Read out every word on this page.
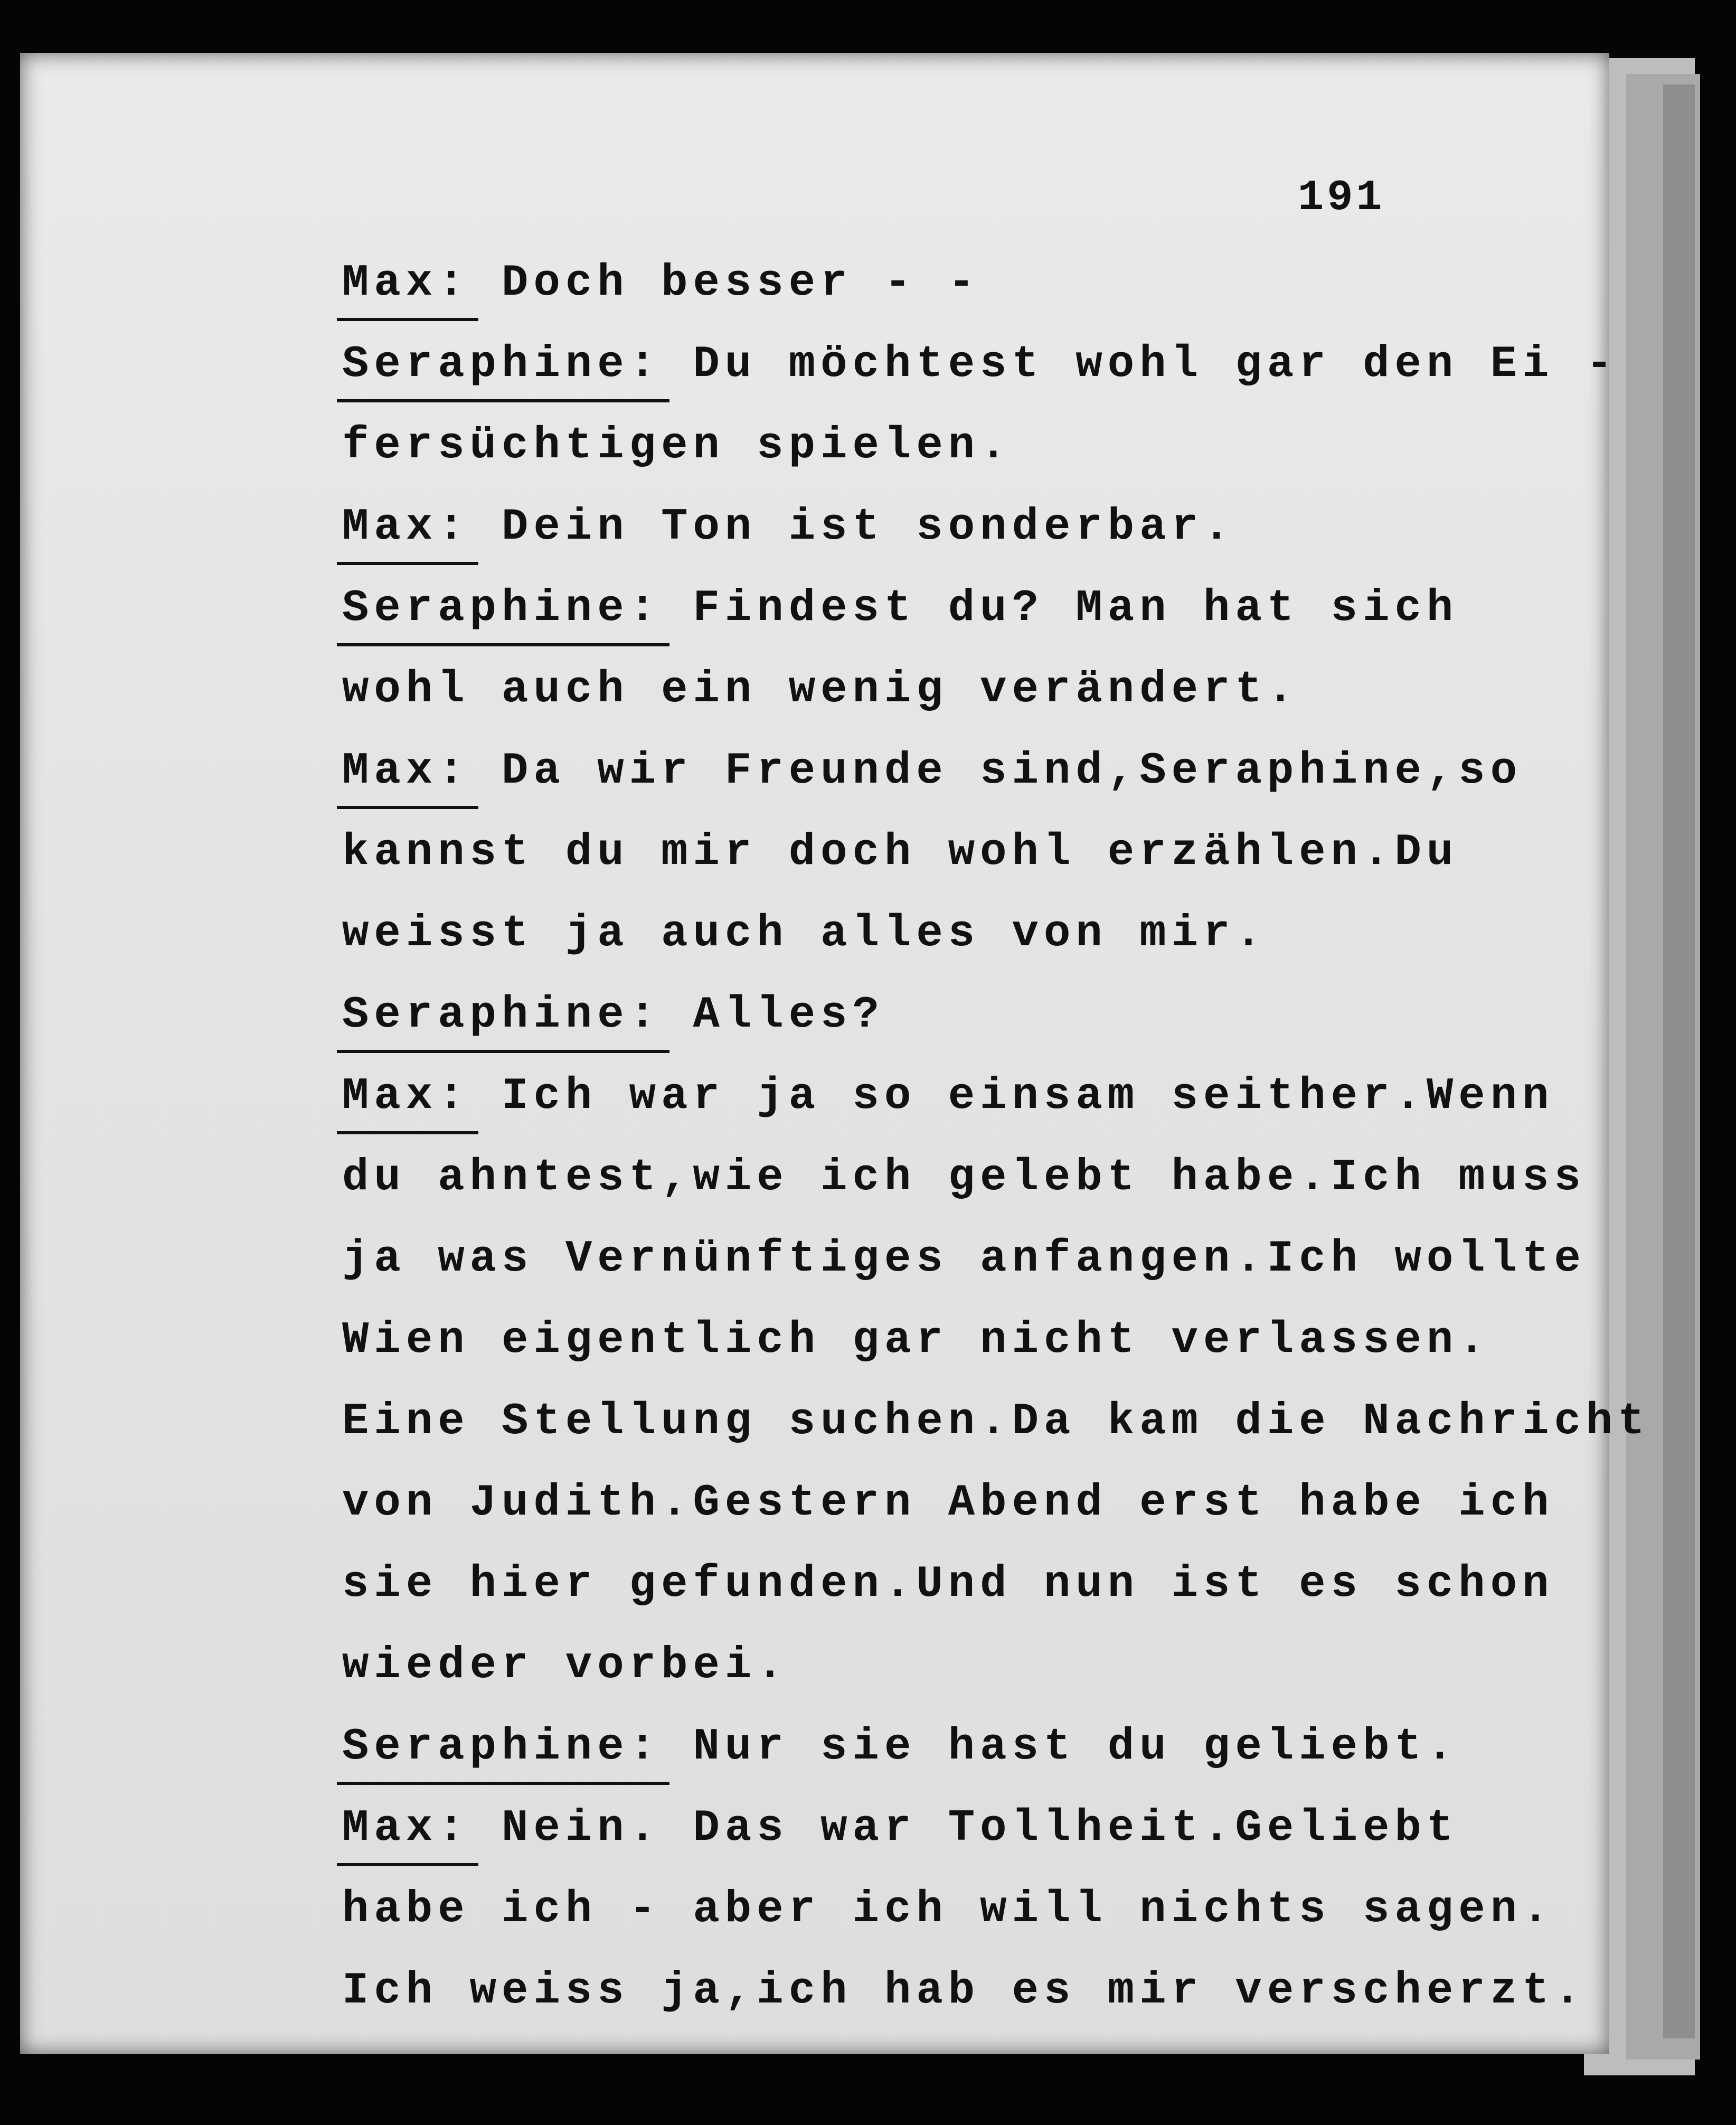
191
Max: Doch besser - -
Seraphine: Du möchtest wohl gar den Ei -
fersüchtigen spielen.
Max: Dein Ton ist sonderbar.
Seraphine: Findest du? Man hat sich
wohl auch ein wenig verändert.
Max: Da wir Freunde sind,Seraphine,so
kannst du mir doch wohl erzählen.Du
weisst ja auch alles von mir.
Seraphine: Alles?
Max: Ich war ja so einsam seither.Wenn
du ahntest,wie ich gelebt habe.Ich muss
ja was Vernünftiges anfangen.Ich wollte
Wien eigentlich gar nicht verlassen.
Eine Stellung suchen.Da kam die Nachricht
von Judith.Gestern Abend erst habe ich
sie hier gefunden.Und nun ist es schon
wieder vorbei.
Seraphine: Nur sie hast du geliebt.
Max: Nein. Das war Tollheit.Geliebt
habe ich - aber ich will nichts sagen.
Ich weiss ja,ich hab es mir verscherzt.
